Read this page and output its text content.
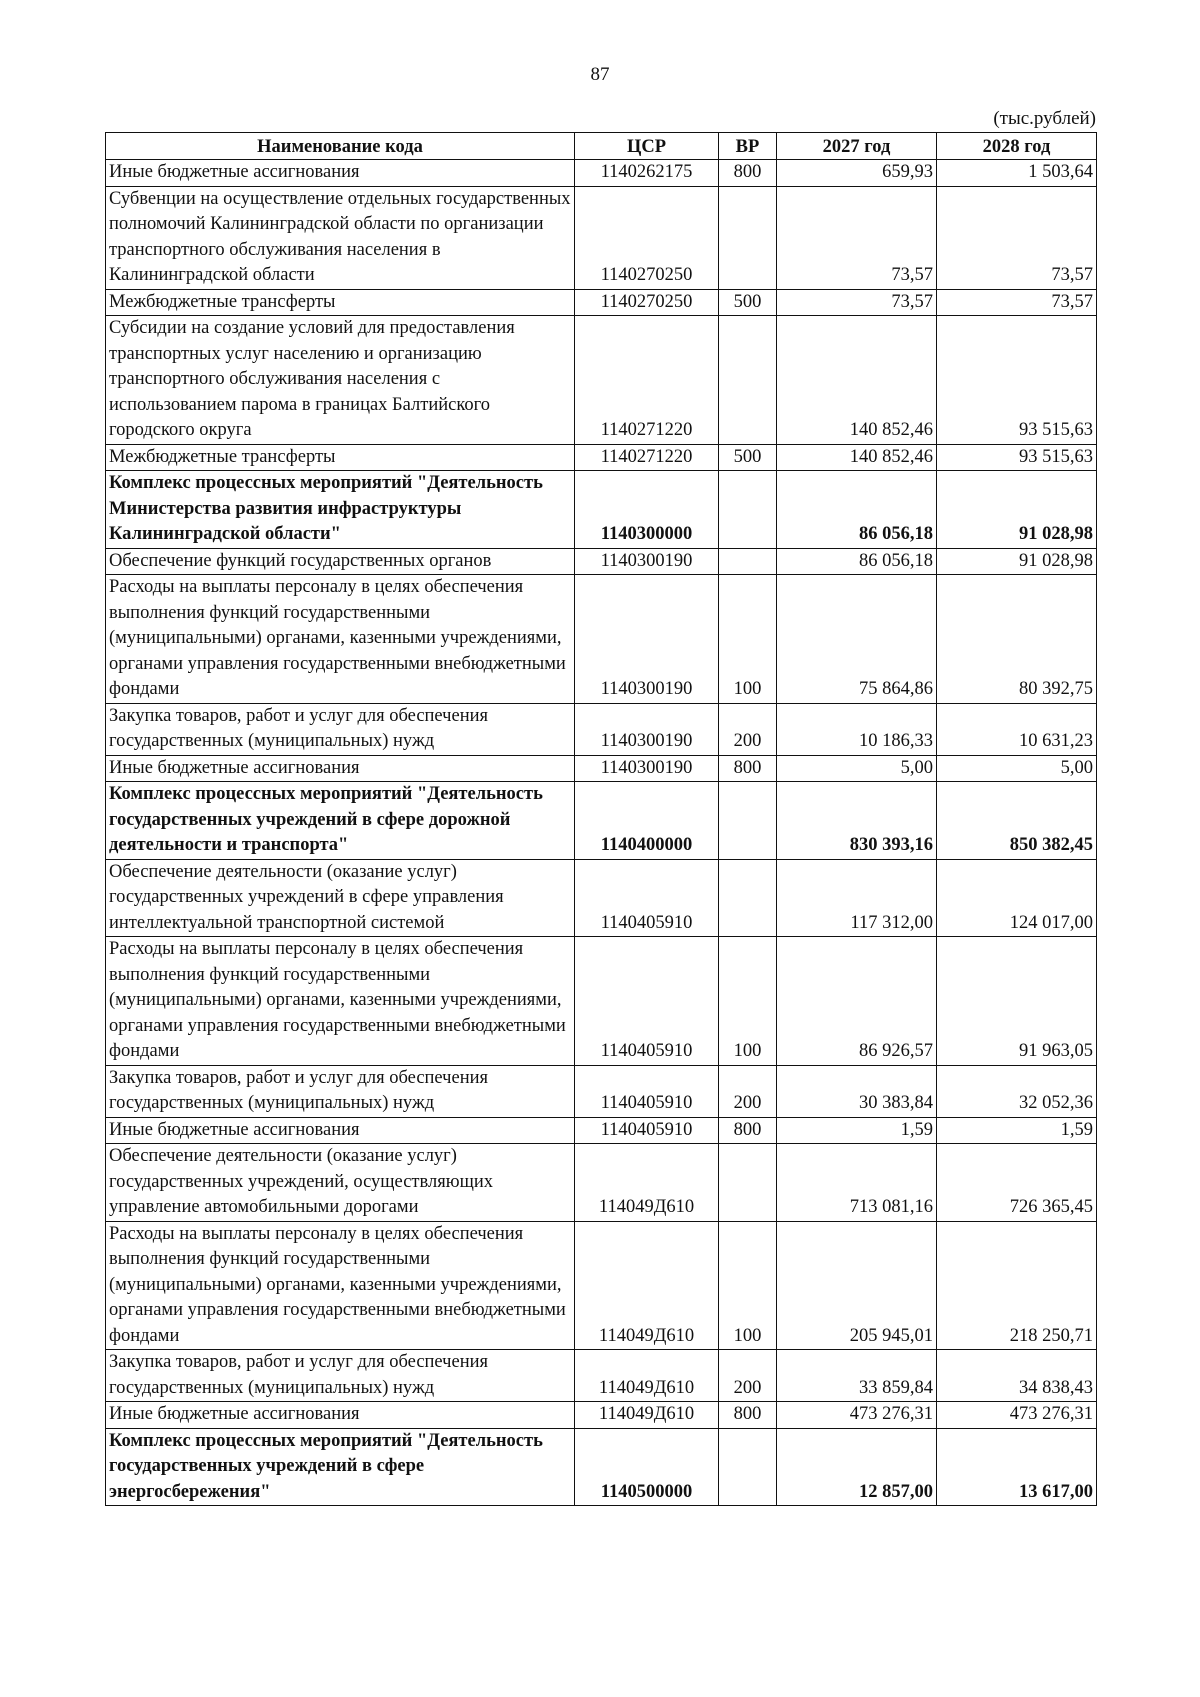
87
(тыс.рублей)
Наименование кода	ЦСР	ВР	2027 год	2028 год
Иные бюджетные ассигнования	1140262175	800	659,93	1 503,64
Субвенции на осуществление отдельных государственных полномочий Калининградской области по организации транспортного обслуживания населения в Калининградской области	1140270250		73,57	73,57
Межбюджетные трансферты	1140270250	500	73,57	73,57
Субсидии на создание условий для предоставления транспортных услуг населению и организацию транспортного обслуживания населения с использованием парома в границах Балтийского городского округа	1140271220		140 852,46	93 515,63
Межбюджетные трансферты	1140271220	500	140 852,46	93 515,63
Комплекс процессных мероприятий "Деятельность Министерства развития инфраструктуры Калининградской области"	1140300000		86 056,18	91 028,98
Обеспечение функций государственных органов	1140300190		86 056,18	91 028,98
Расходы на выплаты персоналу в целях обеспечения выполнения функций государственными (муниципальными) органами, казенными учреждениями, органами управления государственными внебюджетными фондами	1140300190	100	75 864,86	80 392,75
Закупка товаров, работ и услуг для обеспечения государственных (муниципальных) нужд	1140300190	200	10 186,33	10 631,23
Иные бюджетные ассигнования	1140300190	800	5,00	5,00
Комплекс процессных мероприятий "Деятельность государственных учреждений в сфере дорожной деятельности и транспорта"	1140400000		830 393,16	850 382,45
Обеспечение деятельности (оказание услуг) государственных учреждений в сфере управления интеллектуальной транспортной системой	1140405910		117 312,00	124 017,00
Расходы на выплаты персоналу в целях обеспечения выполнения функций государственными (муниципальными) органами, казенными учреждениями, органами управления государственными внебюджетными фондами	1140405910	100	86 926,57	91 963,05
Закупка товаров, работ и услуг для обеспечения государственных (муниципальных) нужд	1140405910	200	30 383,84	32 052,36
Иные бюджетные ассигнования	1140405910	800	1,59	1,59
Обеспечение деятельности (оказание услуг) государственных учреждений, осуществляющих управление автомобильными дорогами	114049Д610		713 081,16	726 365,45
Расходы на выплаты персоналу в целях обеспечения выполнения функций государственными (муниципальными) органами, казенными учреждениями, органами управления государственными внебюджетными фондами	114049Д610	100	205 945,01	218 250,71
Закупка товаров, работ и услуг для обеспечения государственных (муниципальных) нужд	114049Д610	200	33 859,84	34 838,43
Иные бюджетные ассигнования	114049Д610	800	473 276,31	473 276,31
Комплекс процессных мероприятий "Деятельность государственных учреждений в сфере энергосбережения"	1140500000		12 857,00	13 617,00
